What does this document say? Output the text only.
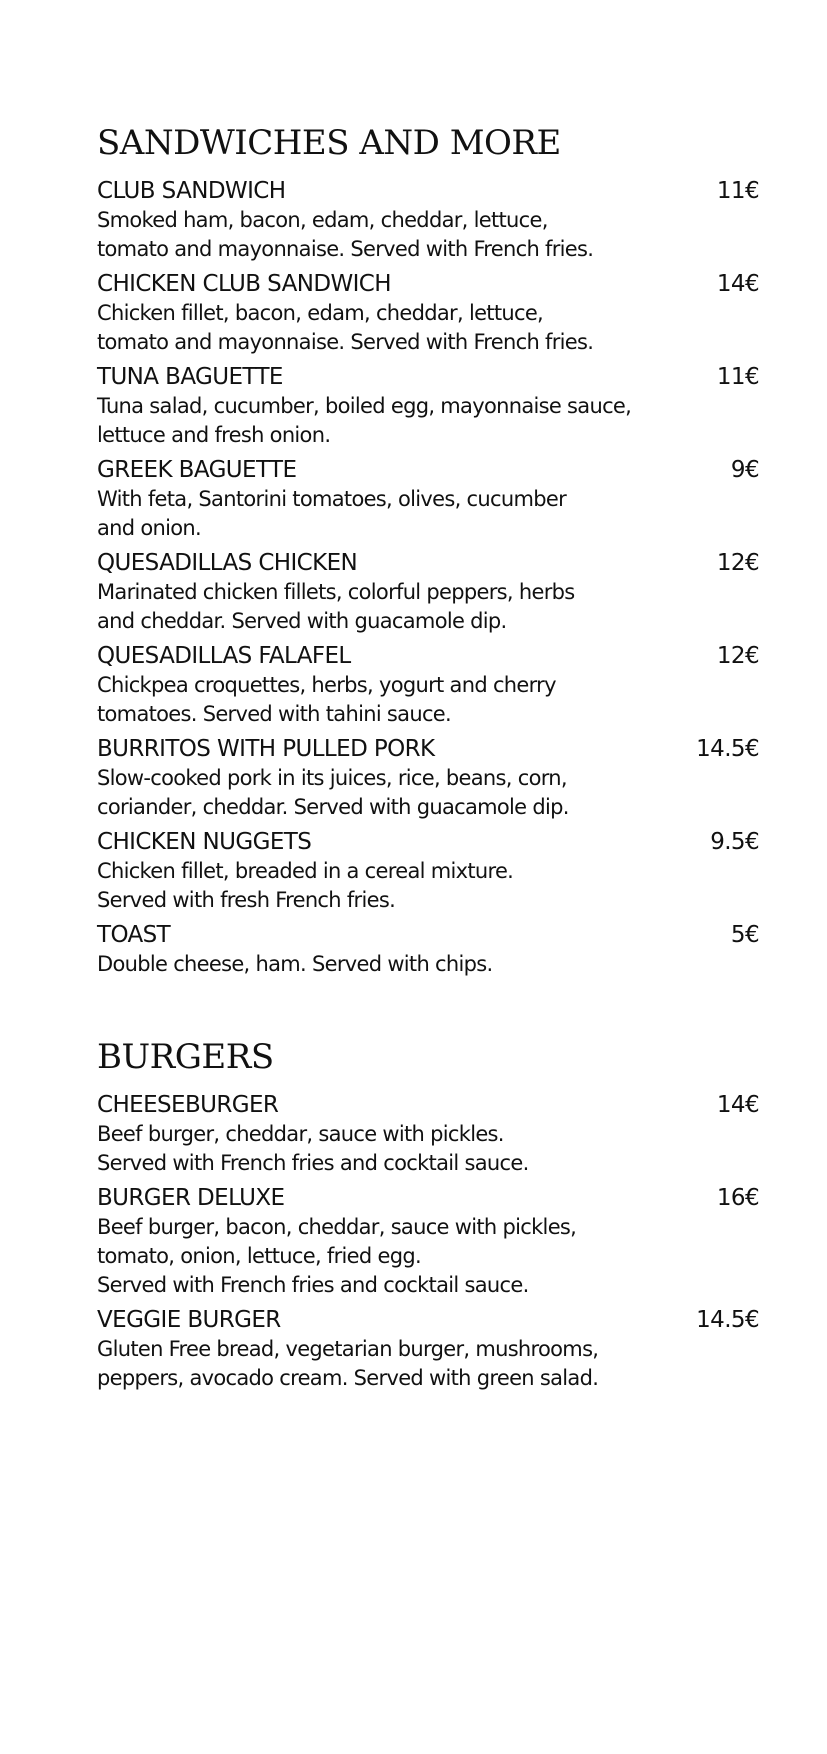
SANDWICHES AND MORE
CLUB SANDWICH	11€

Smoked ham, bacon, edam, cheddar, lettuce,
tomato and mayonnaise. Served with French fries.

CHICKEN CLUB SANDWICH	14€

Chicken fillet, bacon, edam, cheddar, lettuce,
tomato and mayonnaise. Served with French fries.

TUNA BAGUETTE	11€

Tuna salad, cucumber, boiled egg, mayonnaise sauce,
lettuce and fresh onion.

GREEK BAGUETTE	9€

With feta, Santorini tomatoes, olives, cucumber
and onion.

QUESADILLAS CHICKEN	12€

Marinated chicken fillets, colorful peppers, herbs
and cheddar. Served with guacamole dip.

QUESADILLAS FALAFEL	12€

Chickpea croquettes, herbs, yogurt and cherry
tomatoes. Served with tahini sauce.

BURRITOS WITH PULLED PORK	14.5€

Slow-cooked pork in its juices, rice, beans, corn,
coriander, cheddar. Served with guacamole dip.

CHICKEN NUGGETS	9.5€

Chicken fillet, breaded in a cereal mixture.
Served with fresh French fries.

TOAST	5€

Double cheese, ham. Served with chips.

BURGERS
CHEESEBURGER	14€

Beef burger, cheddar, sauce with pickles.
Served with French fries and cocktail sauce.

BURGER DELUXE	16€

Beef burger, bacon, cheddar, sauce with pickles,
tomato, onion, lettuce, fried egg.
Served with French fries and cocktail sauce.

VEGGIE BURGER	14.5€

Gluten Free bread, vegetarian burger, mushrooms,
peppers, avocado cream. Served with green salad.
